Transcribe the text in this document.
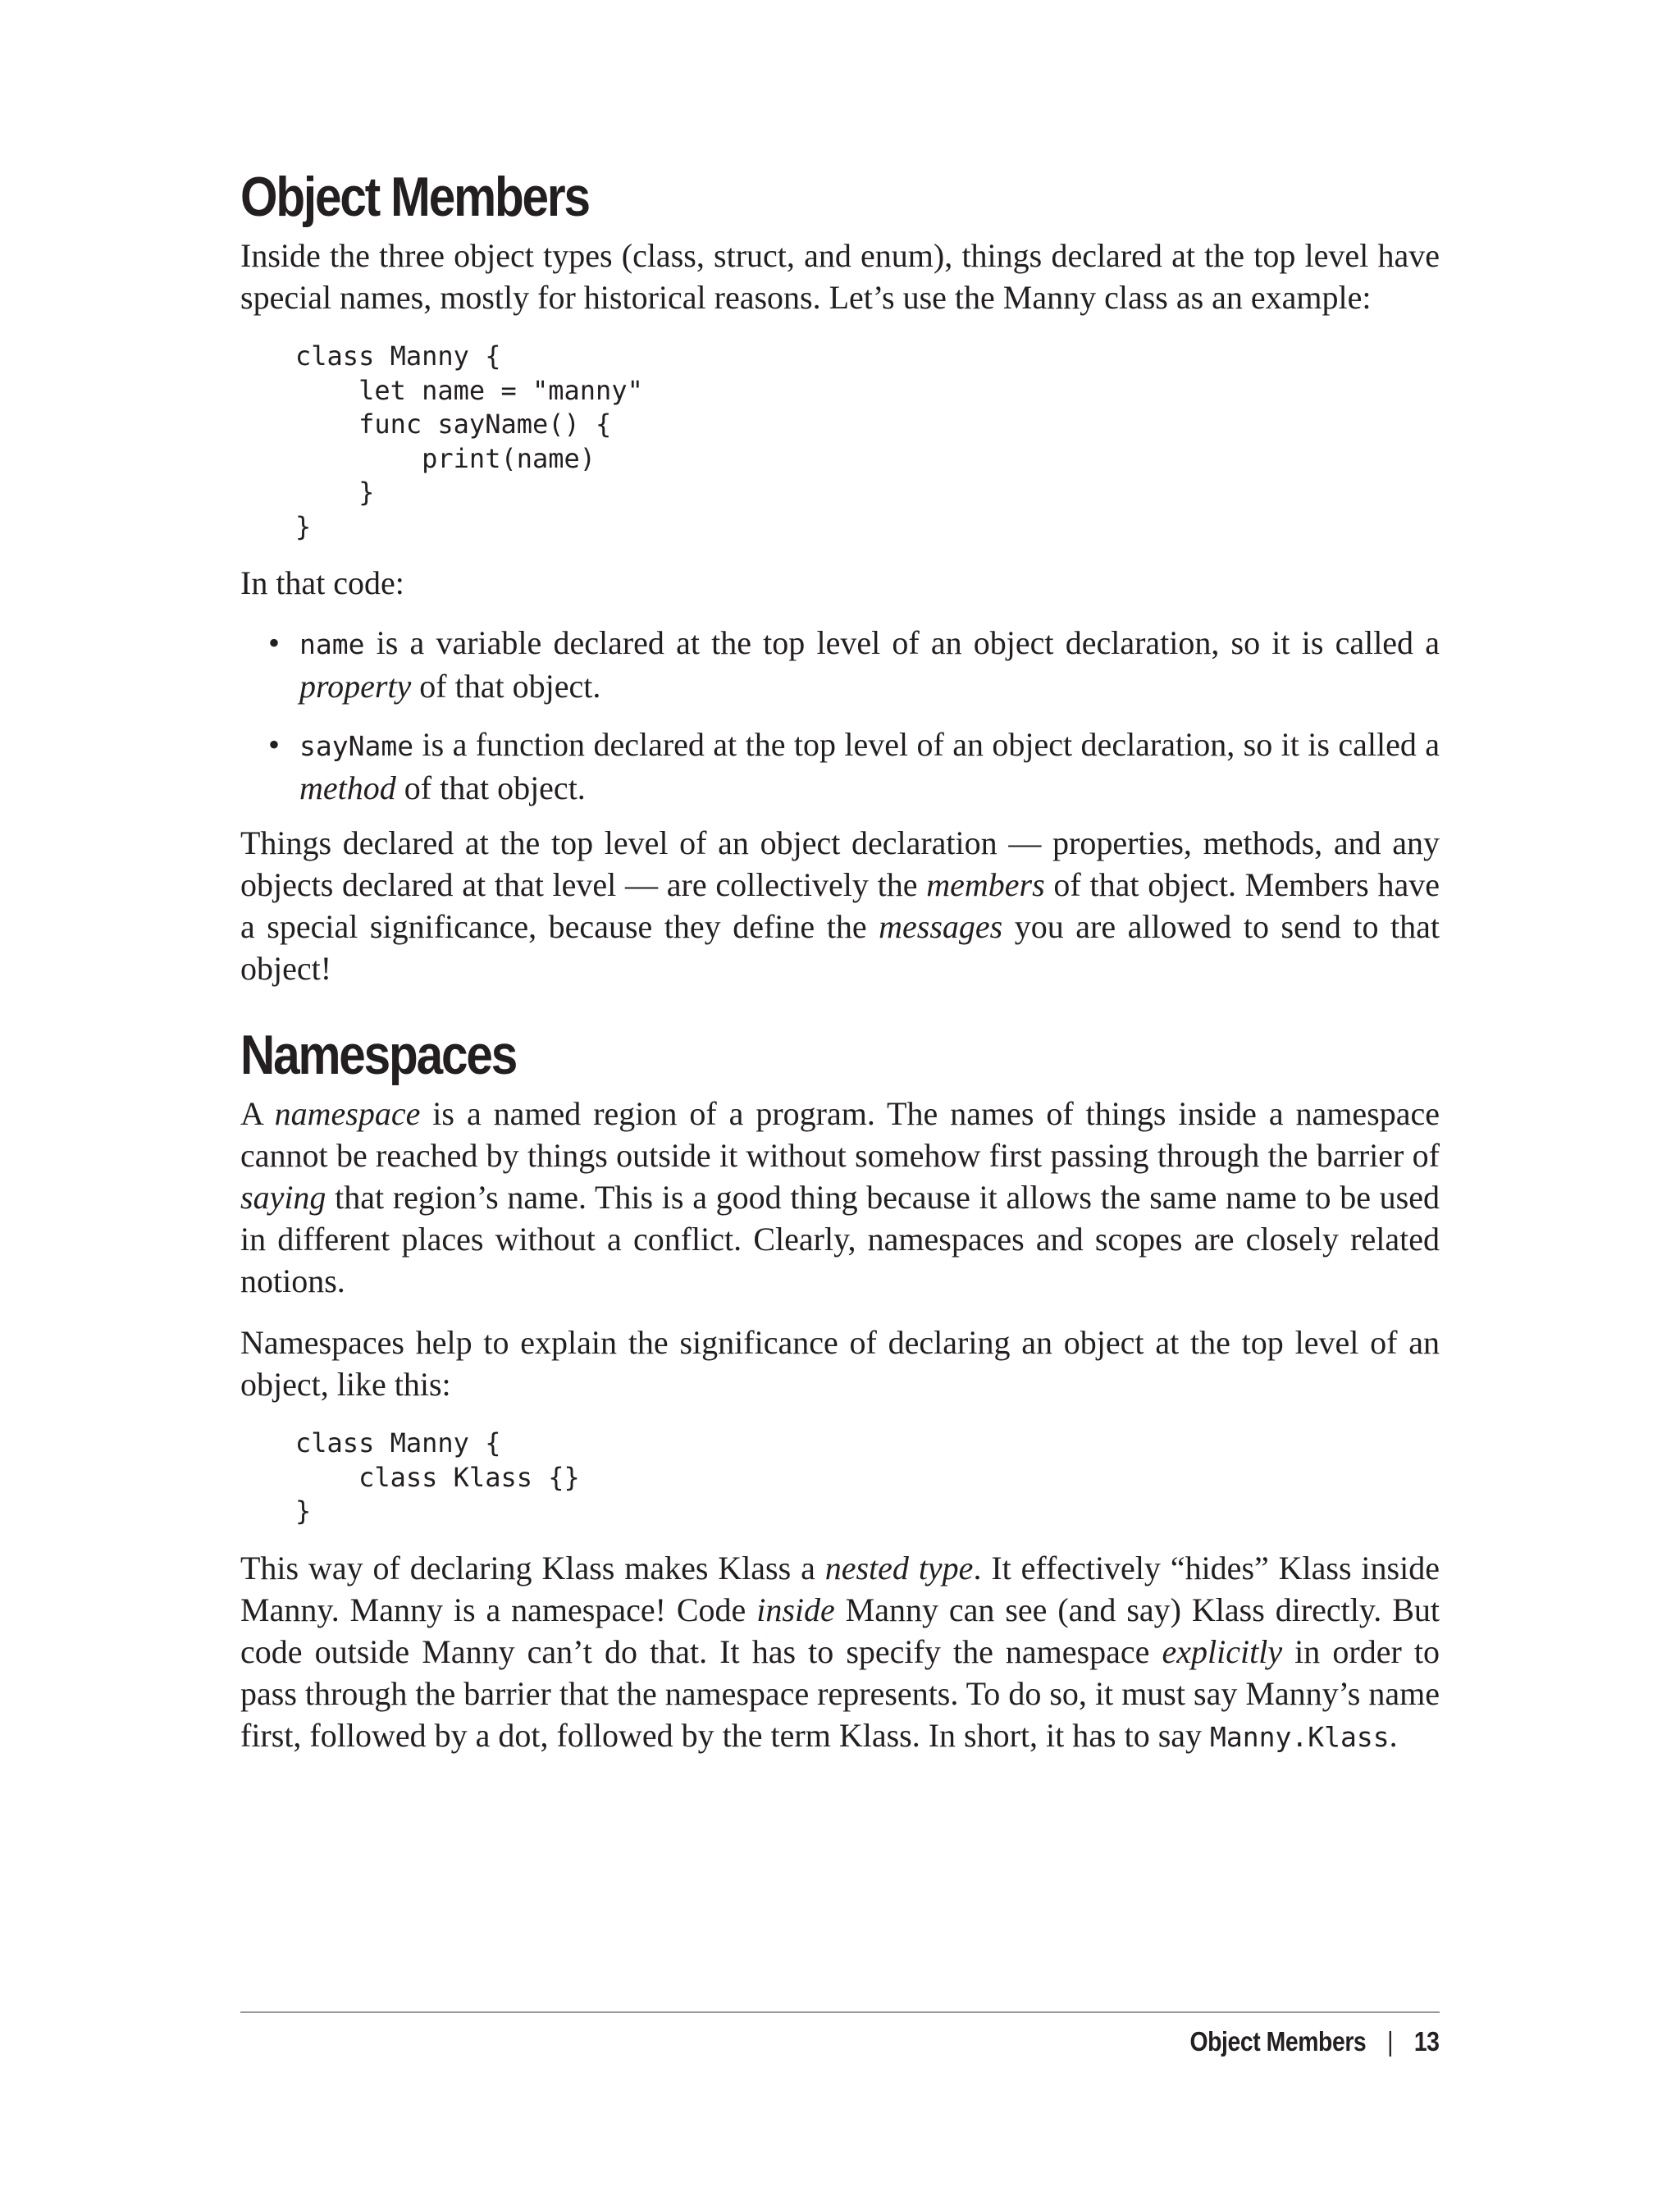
Object Members

Inside the three object types (class, struct, and enum), things declared at the top level have special names, mostly for historical reasons. Let’s use the Manny class as an example:

class Manny {
let name = "manny"
func sayName() {
print(name)
}
}

In that code:

• name is a variable declared at the top level of an object declaration, so it is called a property of that object.
• sayName is a function declared at the top level of an object declaration, so it is called a method of that object.

Things declared at the top level of an object declaration — properties, methods, and any objects declared at that level — are collectively the members of that object. Members have a special significance, because they define the messages you are allowed to send to that object!

Namespaces

A namespace is a named region of a program. The names of things inside a namespace cannot be reached by things outside it without somehow first passing through the barrier of saying that region’s name. This is a good thing because it allows the same name to be used in different places without a conflict. Clearly, namespaces and scopes are closely related notions.

Namespaces help to explain the significance of declaring an object at the top level of an object, like this:

class Manny {
class Klass {}
}

This way of declaring Klass makes Klass a nested type. It effectively “hides” Klass inside Manny. Manny is a namespace! Code inside Manny can see (and say) Klass directly. But code outside Manny can’t do that. It has to specify the namespace explicitly in order to pass through the barrier that the namespace represents. To do so, it must say Manny’s name first, followed by a dot, followed by the term Klass. In short, it has to say Manny.Klass.

Object Members | 13
